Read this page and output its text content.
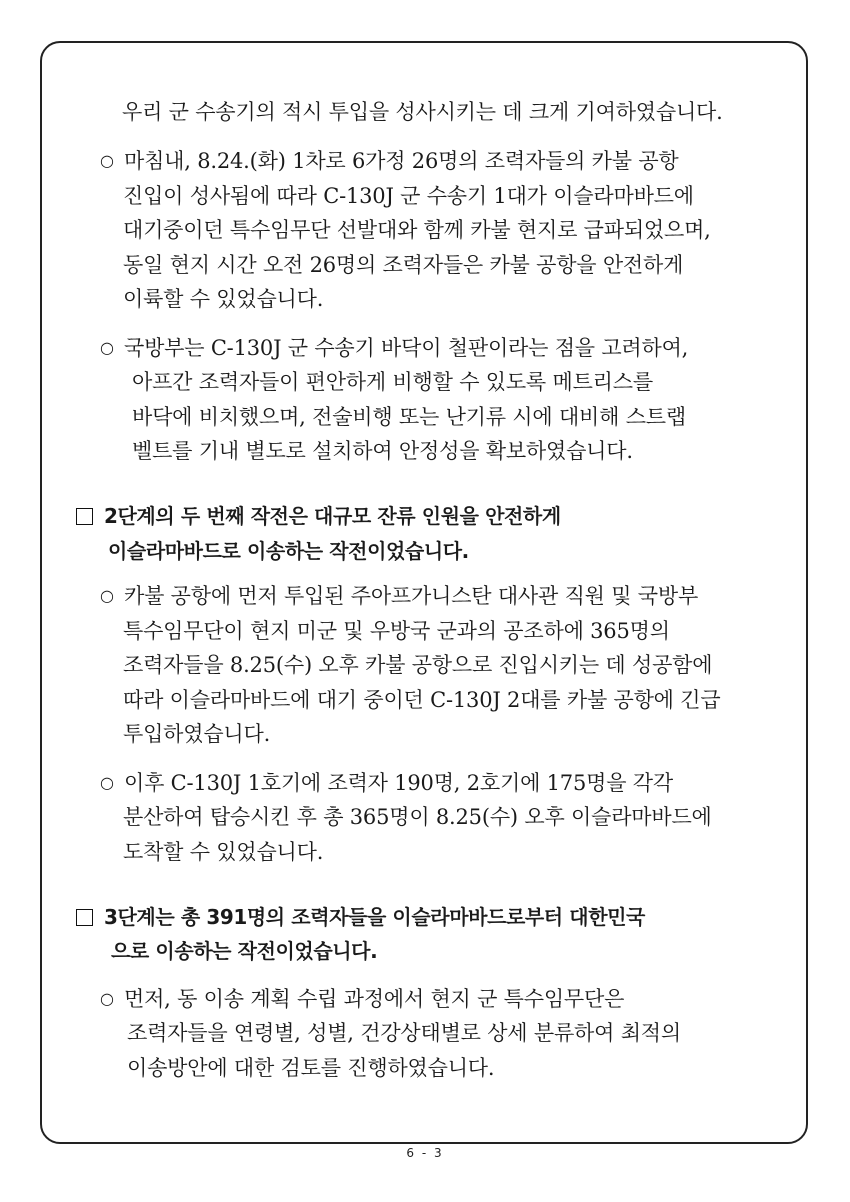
우리 군 수송기의 적시 투입을 성사시키는 데 크게 기여하였습니다.
○ 마침내, 8.24.(화) 1차로 6가정 26명의 조력자들의 카불 공항
진입이 성사됨에 따라 C-130J 군 수송기 1대가 이슬라마바드에
대기중이던 특수임무단 선발대와 함께 카불 현지로 급파되었으며,
동일 현지 시간 오전 26명의 조력자들은 카불 공항을 안전하게
이륙할 수 있었습니다.
○ 국방부는 C-130J 군 수송기 바닥이 철판이라는 점을 고려하여,
아프간 조력자들이 편안하게 비행할 수 있도록 메트리스를
바닥에 비치했으며, 전술비행 또는 난기류 시에 대비해 스트랩
벨트를 기내 별도로 설치하여 안정성을 확보하였습니다.
2단계의 두 번째 작전은 대규모 잔류 인원을 안전하게
이슬라마바드로 이송하는 작전이었습니다.
○ 카불 공항에 먼저 투입된 주아프가니스탄 대사관 직원 및 국방부
특수임무단이 현지 미군 및 우방국 군과의 공조하에 365명의
조력자들을 8.25(수) 오후 카불 공항으로 진입시키는 데 성공함에
따라 이슬라마바드에 대기 중이던 C-130J 2대를 카불 공항에 긴급
투입하였습니다.
○ 이후 C-130J 1호기에 조력자 190명, 2호기에 175명을 각각
분산하여 탑승시킨 후 총 365명이 8.25(수) 오후 이슬라마바드에
도착할 수 있었습니다.
3단계는 총 391명의 조력자들을 이슬라마바드로부터 대한민국
으로 이송하는 작전이었습니다.
○ 먼저, 동 이송 계획 수립 과정에서 현지 군 특수임무단은
조력자들을 연령별, 성별, 건강상태별로 상세 분류하여 최적의
이송방안에 대한 검토를 진행하였습니다.
6 - 3
